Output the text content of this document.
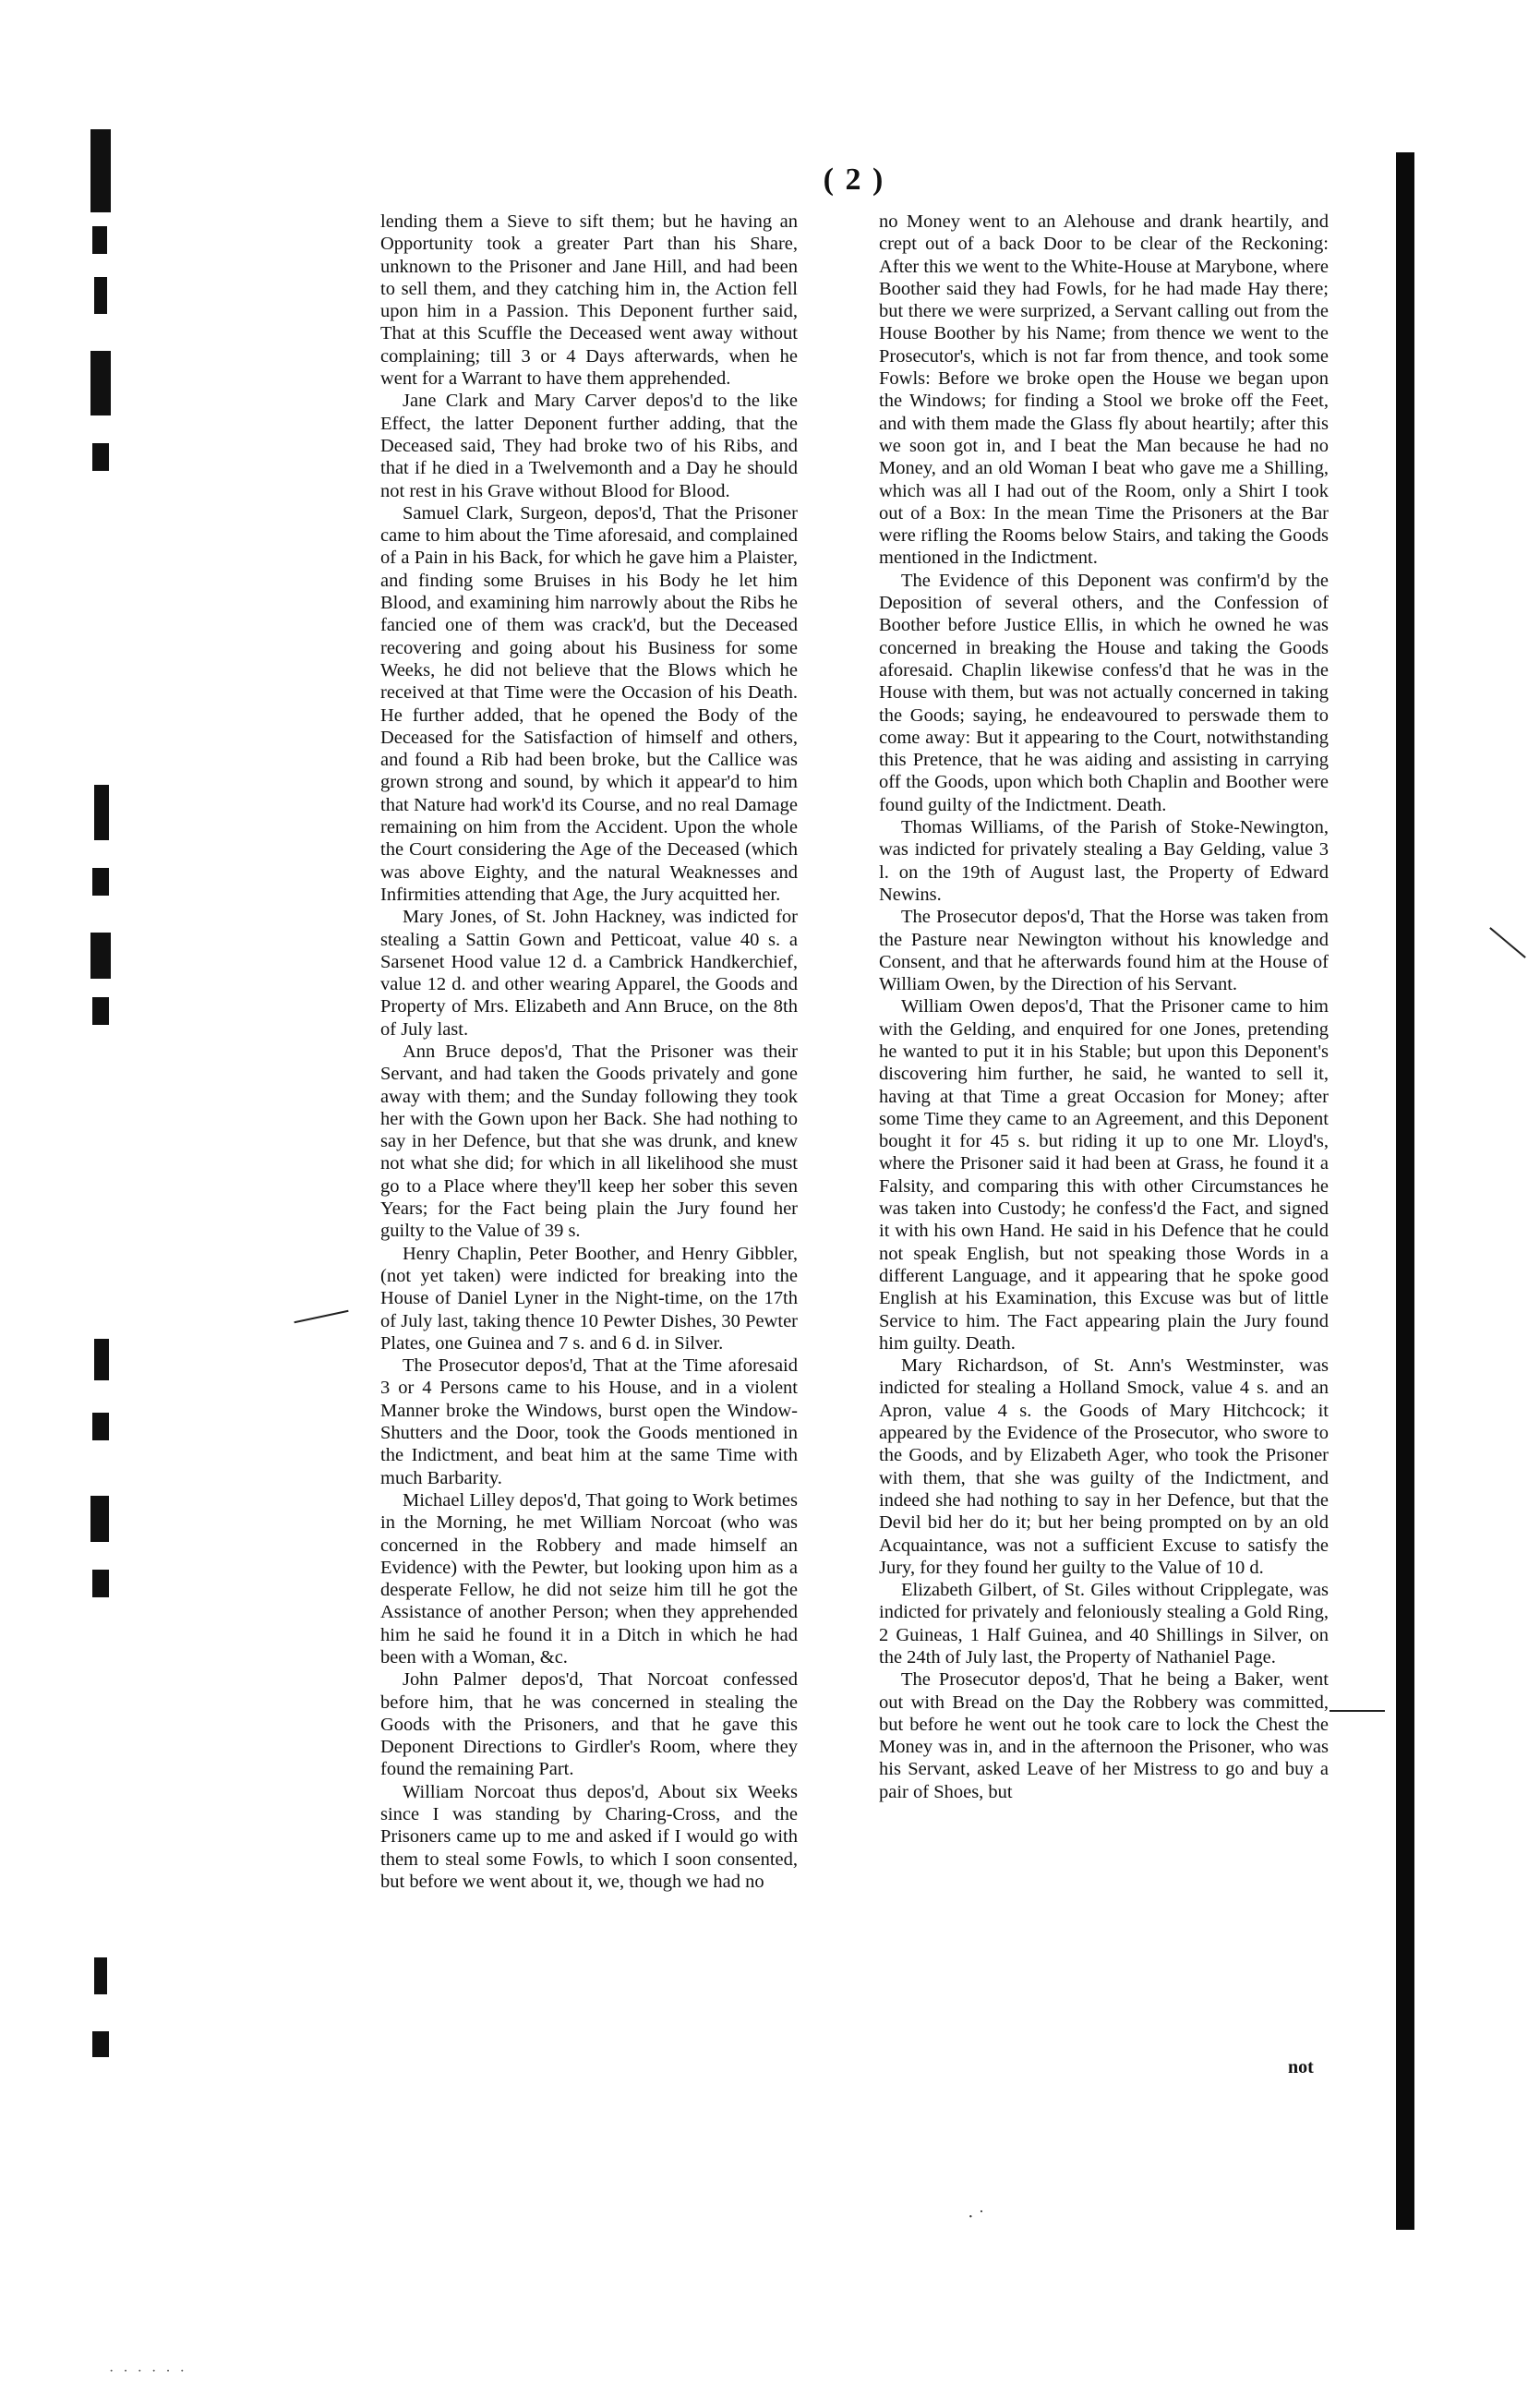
( 2 )

lending them a Sieve to sift them; but he having an Opportunity took a greater Part than his Share, unknown to the Prisoner and Jane Hill, and had been to sell them, and they catching him in, the Action fell upon him in a Passion. This Deponent further said, That at this Scuffle the Deceased went away without complaining; till 3 or 4 Days afterwards, when he went for a Warrant to have them apprehended.

Jane Clark and Mary Carver depos'd to the like Effect, the latter Deponent further adding, that the Deceased said, They had broke two of his Ribs, and that if he died in a Twelvemonth and a Day he should not rest in his Grave without Blood for Blood.

Samuel Clark, Surgeon, depos'd, That the Prisoner came to him about the Time aforesaid, and complained of a Pain in his Back, for which he gave him a Plaister, and finding some Bruises in his Body he let him Blood, and examining him narrowly about the Ribs he fancied one of them was crack'd, but the Deceased recovering and going about his Business for some Weeks, he did not believe that the Blows which he received at that Time were the Occasion of his Death. He further added, that he opened the Body of the Deceased for the Satisfaction of himself and others, and found a Rib had been broke, but the Callice was grown strong and sound, by which it appear'd to him that Nature had work'd its Course, and no real Damage remaining on him from the Accident. Upon the whole the Court considering the Age of the Deceased (which was above Eighty, and the natural Weaknesses and Infirmities attending that Age, the Jury acquitted her.

Mary Jones, of St. John Hackney, was indicted for stealing a Sattin Gown and Petticoat, value 40 s. a Sarsenet Hood value 12 d. a Cambrick Handkerchief, value 12 d. and other wearing Apparel, the Goods and Property of Mrs. Elizabeth and Ann Bruce, on the 8th of July last.

Ann Bruce depos'd, That the Prisoner was their Servant, and had taken the Goods privately and gone away with them; and the Sunday following they took her with the Gown upon her Back. She had nothing to say in her Defence, but that she was drunk, and knew not what she did; for which in all likelihood she must go to a Place where they'll keep her sober this seven Years; for the Fact being plain the Jury found her guilty to the Value of 39 s.

Henry Chaplin, Peter Boother, and Henry Gibbler, (not yet taken) were indicted for breaking into the House of Daniel Lyner in the Night-time, on the 17th of July last, taking thence 10 Pewter Dishes, 30 Pewter Plates, one Guinea and 7 s. and 6 d. in Silver.

The Prosecutor depos'd, That at the Time aforesaid 3 or 4 Persons came to his House, and in a violent Manner broke the Windows, burst open the Window-Shutters and the Door, took the Goods mentioned in the Indictment, and beat him at the same Time with much Barbarity.

Michael Lilley depos'd, That going to Work betimes in the Morning, he met William Norcoat (who was concerned in the Robbery and made himself an Evidence) with the Pewter, but looking upon him as a desperate Fellow, he did not seize him till he got the Assistance of another Person; when they apprehended him he said he found it in a Ditch in which he had been with a Woman, &c.

John Palmer depos'd, That Norcoat confessed before him, that he was concerned in stealing the Goods with the Prisoners, and that he gave this Deponent Directions to Girdler's Room, where they found the remaining Part.

William Norcoat thus depos'd, About six Weeks since I was standing by Charing-Cross, and the Prisoners came up to me and asked if I would go with them to steal some Fowls, to which I soon consented, but before we went about it, we, though we had no

no Money went to an Alehouse and drank heartily, and crept out of a back Door to be clear of the Reckoning: After this we went to the White-House at Marybone, where Boother said they had Fowls, for he had made Hay there; but there we were surprized, a Servant calling out from the House Boother by his Name; from thence we went to the Prosecutor's, which is not far from thence, and took some Fowls: Before we broke open the House we began upon the Windows; for finding a Stool we broke off the Feet, and with them made the Glass fly about heartily; after this we soon got in, and I beat the Man because he had no Money, and an old Woman I beat who gave me a Shilling, which was all I had out of the Room, only a Shirt I took out of a Box: In the mean Time the Prisoners at the Bar were rifling the Rooms below Stairs, and taking the Goods mentioned in the Indictment.

The Evidence of this Deponent was confirm'd by the Deposition of several others, and the Confession of Boother before Justice Ellis, in which he owned he was concerned in breaking the House and taking the Goods aforesaid. Chaplin likewise confess'd that he was in the House with them, but was not actually concerned in taking the Goods; saying, he endeavoured to perswade them to come away: But it appearing to the Court, notwithstanding this Pretence, that he was aiding and assisting in carrying off the Goods, upon which both Chaplin and Boother were found guilty of the Indictment. Death.

Thomas Williams, of the Parish of Stoke-Newington, was indicted for privately stealing a Bay Gelding, value 3 l. on the 19th of August last, the Property of Edward Newins.

The Prosecutor depos'd, That the Horse was taken from the Pasture near Newington without his knowledge and Consent, and that he afterwards found him at the House of William Owen, by the Direction of his Servant.

William Owen depos'd, That the Prisoner came to him with the Gelding, and enquired for one Jones, pretending he wanted to put it in his Stable; but upon this Deponent's discovering him further, he said, he wanted to sell it, having at that Time a great Occasion for Money; after some Time they came to an Agreement, and this Deponent bought it for 45 s. but riding it up to one Mr. Lloyd's, where the Prisoner said it had been at Grass, he found it a Falsity, and comparing this with other Circumstances he was taken into Custody; he confess'd the Fact, and signed it with his own Hand. He said in his Defence that he could not speak English, but not speaking those Words in a different Language, and it appearing that he spoke good English at his Examination, this Excuse was but of little Service to him. The Fact appearing plain the Jury found him guilty. Death.

Mary Richardson, of St. Ann's Westminster, was indicted for stealing a Holland Smock, value 4 s. and an Apron, value 4 s. the Goods of Mary Hitchcock; it appeared by the Evidence of the Prosecutor, who swore to the Goods, and by Elizabeth Ager, who took the Prisoner with them, that she was guilty of the Indictment, and indeed she had nothing to say in her Defence, but that the Devil bid her do it; but her being prompted on by an old Acquaintance, was not a sufficient Excuse to satisfy the Jury, for they found her guilty to the Value of 10 d.

Elizabeth Gilbert, of St. Giles without Cripplegate, was indicted for privately and feloniously stealing a Gold Ring, 2 Guineas, 1 Half Guinea, and 40 Shillings in Silver, on the 24th of July last, the Property of Nathaniel Page.

The Prosecutor depos'd, That he being a Baker, went out with Bread on the Day the Robbery was committed, but before he went out he took care to lock the Chest the Money was in, and in the afternoon the Prisoner, who was his Servant, asked Leave of her Mistress to go and buy a pair of Shoes, but

not
· ˙
· · · · · ·
